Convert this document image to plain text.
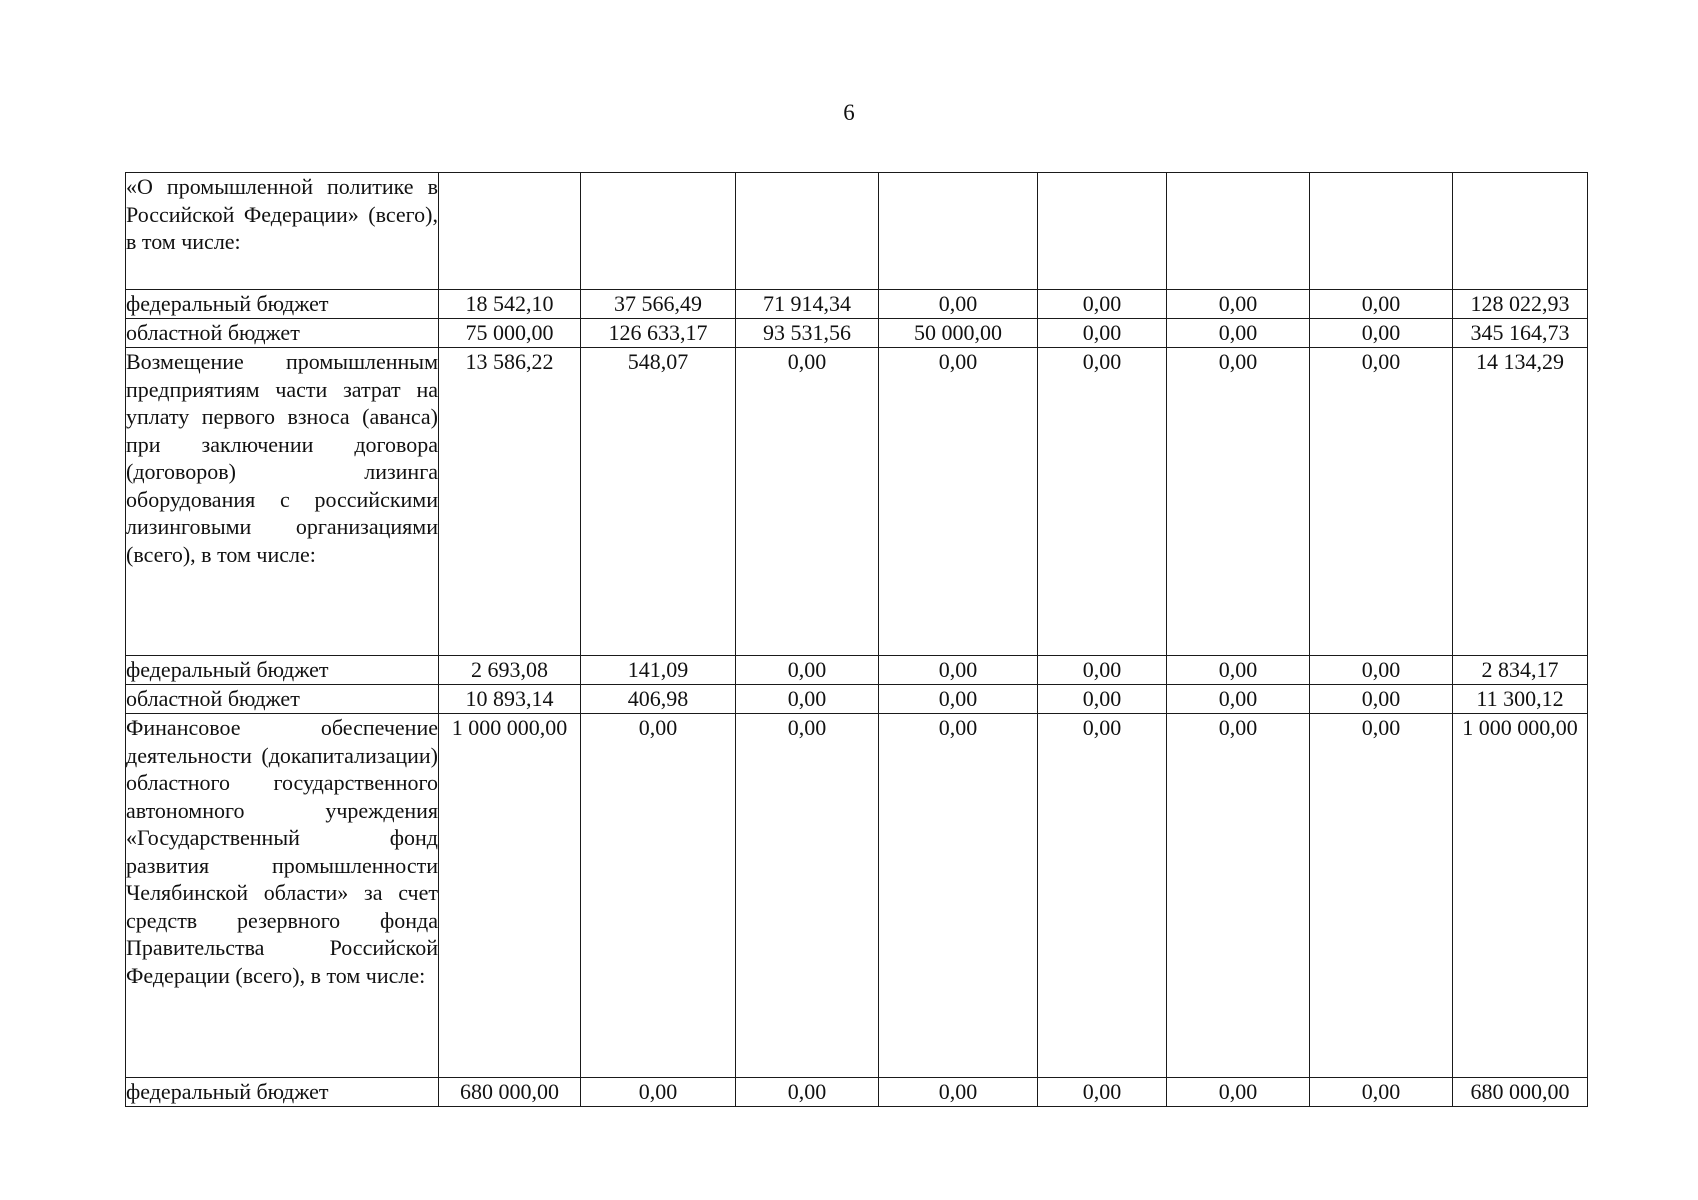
6
«О промышленной политике в Российской Федерации» (всего), в том числе:								
федеральный бюджет	18 542,10	37 566,49	71 914,34	0,00	0,00	0,00	0,00	128 022,93
областной бюджет	75 000,00	126 633,17	93 531,56	50 000,00	0,00	0,00	0,00	345 164,73
Возмещение промышленным предприятиям части затрат на уплату первого взноса (аванса) при заключении договора (договоров) лизинга оборудования с российскими лизинговыми организациями (всего), в том числе:	13 586,22	548,07	0,00	0,00	0,00	0,00	0,00	14 134,29
федеральный бюджет	2 693,08	141,09	0,00	0,00	0,00	0,00	0,00	2 834,17
областной бюджет	10 893,14	406,98	0,00	0,00	0,00	0,00	0,00	11 300,12
Финансовое обеспечение деятельности (докапитализации) областного государственного автономного учреждения «Государственный фонд развития промышленности Челябинской области» за счет средств резервного фонда Правительства Российской Федерации (всего), в том числе:	1 000 000,00	0,00	0,00	0,00	0,00	0,00	0,00	1 000 000,00
федеральный бюджет	680 000,00	0,00	0,00	0,00	0,00	0,00	0,00	680 000,00
